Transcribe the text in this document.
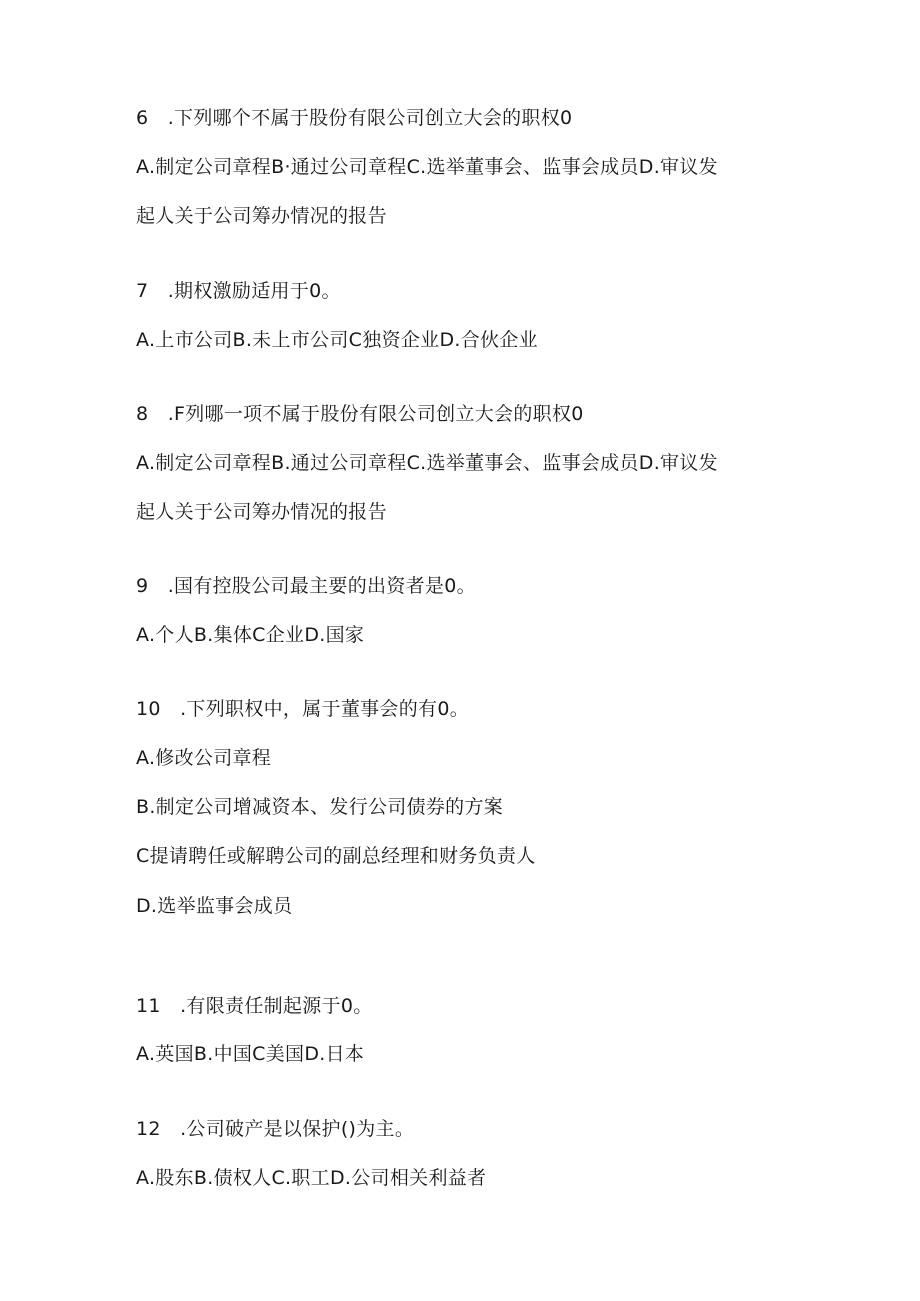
6　.下列哪个不属于股份有限公司创立大会的职权0
A.制定公司章程B·通过公司章程C.选举董事会、监事会成员D.审议发
起人关于公司筹办情况的报告
7　.期权激励适用于0。
A.上市公司B.未上市公司C独资企业D.合伙企业
8　.F列哪一项不属于股份有限公司创立大会的职权0
A.制定公司章程B.通过公司章程C.选举董事会、监事会成员D.审议发
起人关于公司筹办情况的报告
9　.国有控股公司最主要的出资者是0。
A.个人B.集体C企业D.国家
10　.下列职权中，属于董事会的有0。
A.修改公司章程
B.制定公司增减资本、发行公司债券的方案
C提请聘任或解聘公司的副总经理和财务负责人
D.选举监事会成员
11　.有限责任制起源于0。
A.英国B.中国C美国D.日本
12　.公司破产是以保护()为主。
A.股东B.债权人C.职工D.公司相关利益者
